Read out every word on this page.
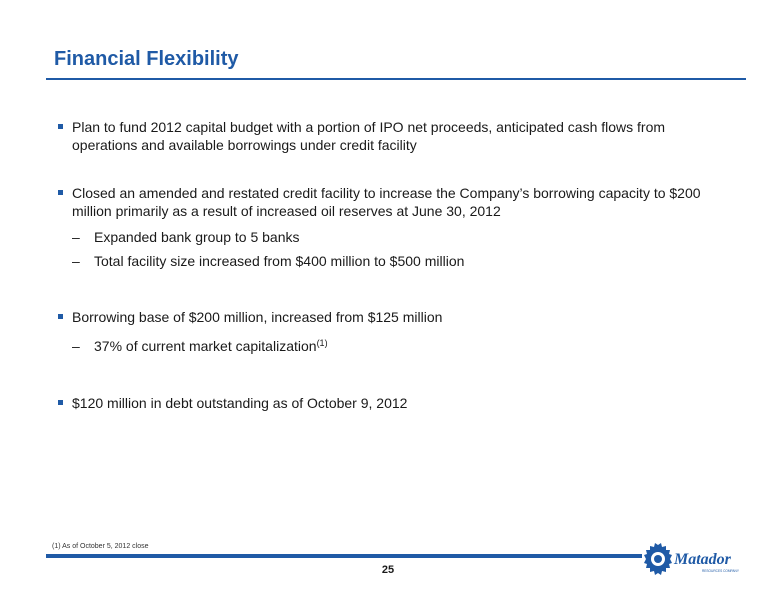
Financial Flexibility
Plan to fund 2012 capital budget with a portion of IPO net proceeds, anticipated cash flows from operations and available borrowings under credit facility
Closed an amended and restated credit facility to increase the Company’s borrowing capacity to $200 million primarily as a result of increased oil reserves at June 30, 2012
–	Expanded bank group to 5 banks
–	Total facility size increased from $400 million to $500 million
Borrowing base of $200 million, increased from $125 million
–	37% of current market capitalization$^{(1)}$
$120 million in debt outstanding as of October 9, 2012
(1) As of October 5, 2012 close
25
Matador
RESOURCES COMPANY
